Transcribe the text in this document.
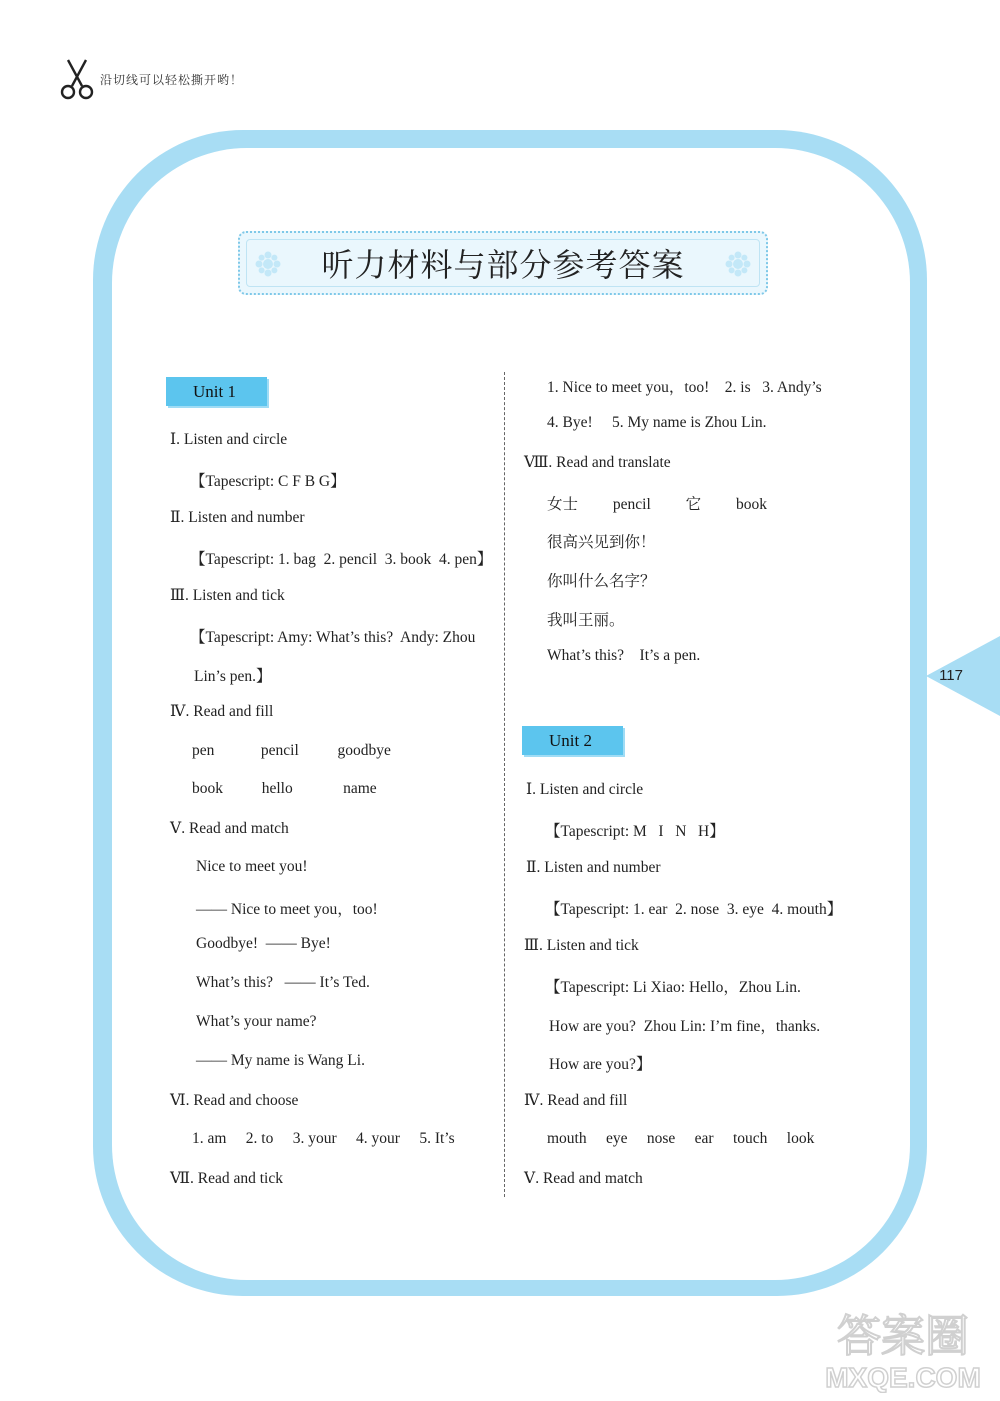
沿切线可以轻松撕开哟！
听力材料与部分参考答案
Unit 1
Ⅰ. Listen and circle
【Tapescript: C F B G】
Ⅱ. Listen and number
【Tapescript: 1. bag  2. pencil  3. book  4. pen】
Ⅲ. Listen and tick
【Tapescript: Amy: What’s this?  Andy: Zhou
Lin’s pen.】
Ⅳ. Read and fill
pen            pencil          goodbye
book          hello             name
Ⅴ. Read and match
Nice to meet you!
—— Nice to meet you，too!
Goodbye!  —— Bye!
What’s this?   —— It’s Ted.
What’s your name?
—— My name is Wang Li.
Ⅵ. Read and choose
1. am     2. to     3. your     4. your     5. It’s
Ⅶ. Read and tick
1. Nice to meet you，too!    2. is   3. Andy’s
4. Bye!     5. My name is Zhou Lin.
Ⅷ. Read and translate
女士         pencil         它         book
很高兴见到你！
你叫什么名字？
我叫王丽。
What’s this?    It’s a pen.
Unit 2
Ⅰ. Listen and circle
【Tapescript: M   I   N   H】
Ⅱ. Listen and number
【Tapescript: 1. ear  2. nose  3. eye  4. mouth】
Ⅲ. Listen and tick
【Tapescript: Li Xiao: Hello，Zhou Lin.
How are you?  Zhou Lin: I’m fine，thanks.
How are you?】
Ⅳ. Read and fill
mouth     eye     nose     ear     touch     look
Ⅴ. Read and match
117
答案圈
MXQE.COM
